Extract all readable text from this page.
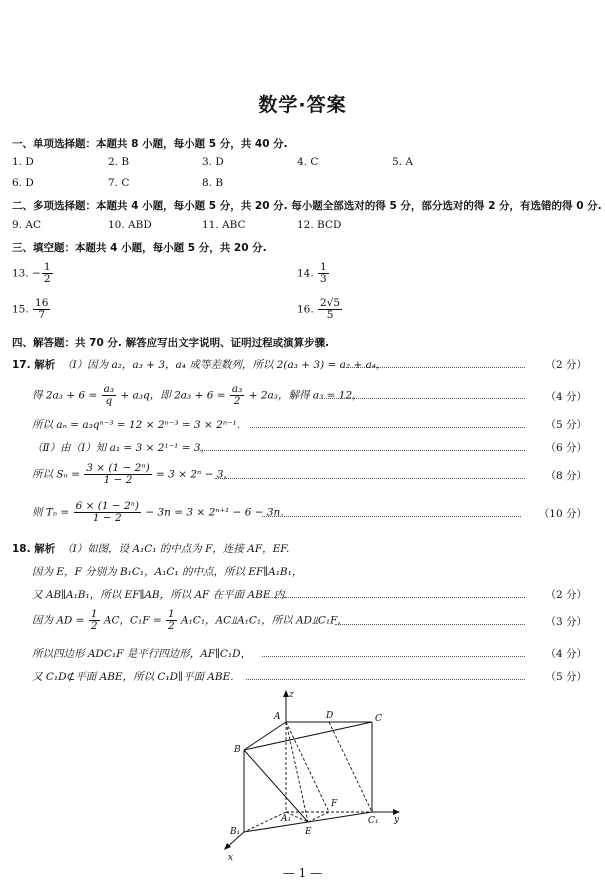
数学·答案
一、单项选择题：本题共 8 小题，每小题 5 分，共 40 分.
1. D	2. B	3. D	4. C	5. A
6. D	7. C	8. B
二、多项选择题：本题共 4 小题，每小题 5 分，共 20 分. 每小题全部选对的得 5 分，部分选对的得 2 分，有选错的得 0 分.
9. AC	10. ABD	11. ABC	12. BCD
三、填空题：本题共 4 小题，每小题 5 分，共 20 分.
13. − $\frac{1}{2}$	14. $\frac{1}{3}$
15. $\frac{16}{7}$	16. $\frac{2√5}{5}$
四、解答题：共 70 分. 解答应写出文字说明、证明过程或演算步骤.
17. 解析 （Ⅰ）因为 a₂，a₃ + 3，a₄ 成等差数列，所以 2(a₃ + 3) = a₂ + a₄，	（2 分）
得 $2a_3 + 6 = \frac{\text{a₃}}{q} + a_3q$，即 $2a_3 + 6 = \frac{\text{a₃}}{2} + 2a_3$，解得 a₃ = 12，	（4 分）
所以 aₙ = a₃qⁿ⁻³ = 12 × 2ⁿ⁻³ = 3 × 2ⁿ⁻¹.	（5 分）
（Ⅱ）由（Ⅰ）知 a₁ = 3 × 2¹⁻¹ = 3，	（6 分）
所以 $S_n = \frac{\text{3 × (1 − 2ⁿ)}}{1 - 2} = 3 \times 2^n - 3$，	（8 分）
则 $T_n = \frac{\text{6 × (1 − 2ⁿ)}}{1 - 2} - 3n = 3 \times 2^{n+1} - 6 - 3n$.	（10 分）
18. 解析 （Ⅰ）如图，设 A₁C₁ 的中点为 F，连接 AF，EF.
因为 E，F 分别为 B₁C₁，A₁C₁ 的中点，所以 EF∥A₁B₁，
又 AB∥A₁B₁，所以 EF∥AB，所以 AF 在平面 ABE 内.	（2 分）
因为 AD = $\frac{1}{2}$ AC，$C_1F = \frac{1}{2} A_1C_1$，AC⫫A₁C₁，所以 AD⫫C₁F，	（3 分）
所以四边形 ADC₁F 是平行四边形，AF∥C₁D，	（4 分）
又 C₁D⊄平面 ABE，所以 C₁D∥平面 ABE.	（5 分）
z
A	D	C
B
F
A₁
E
C₁ y
B₁
x
— 1 —
